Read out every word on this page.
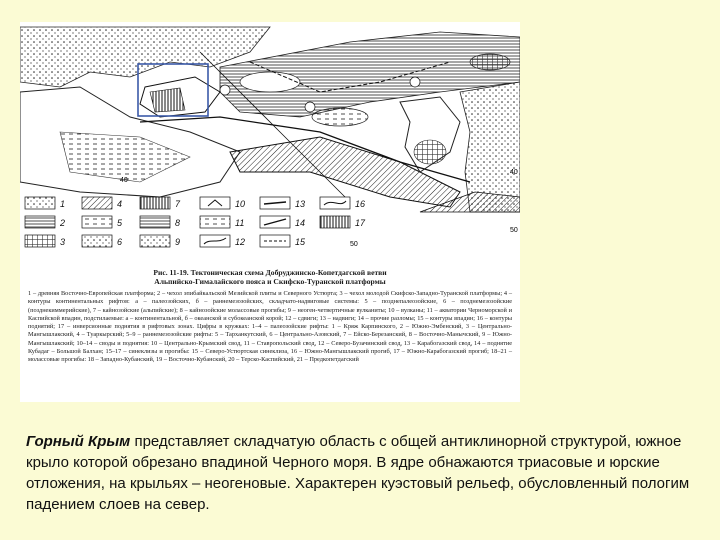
40
40
50
50
1
2
3
4
5
6
7
8
9
10
11
12
13
14
15
16
17

Рис. 11-19. Тектоническая схема Добруджинско-Копетдагской ветви
Альпийско-Гималайского пояса и Скифско-Туранской платформы

1 – древняя Восточно-Европейская платформа; 2 – чехол эпибайкальской Мезийской плиты и Северного Устюрта; 3 – чехол молодой Скифско-Западно-Туранской платформы; 4 – контуры континентальных рифтов: а – палеозойских, б – раннемезозойских, складчато-надвиговые системы: 5 – позднепалеозойские, 6 – позднемезозойские (позднекиммерийские), 7 – кайнозойские (альпийские); 8 – кайнозойские молассовые прогибы; 9 – неоген-четвертичные вулканиты; 10 – вулканы; 11 – акватории Черноморской и Каспийской впадин, подстилаемые: а – континентальной, б – океанской и субокеанской корой; 12 – сдвиги; 13 – надвиги; 14 – прочие разломы; 15 – контуры впадин; 16 – контуры поднятий; 17 – инверсионные поднятия в рифтовых зонах. Цифры в кружках: 1–4 – палеозойские рифты: 1 – Кряж Карпинского, 2 – Южно-Эмбенский, 3 – Центрально-Мангышлакский, 4 – Туаркырский; 5–9 – раннемезозойские рифты: 5 – Тарханкутский, 6 – Центрально-Азовский, 7 – Ейско-Березанский, 8 – Восточно-Манычский, 9 – Южно-Мангышлакский; 10–14 – своды и поднятия: 10 – Центрально-Крымский свод, 11 – Ставропольский свод, 12 – Северо-Бузачинский свод, 13 – Карабогазский свод, 14 – поднятие Кубадаг – Большой Балхан; 15–17 – синеклизы и прогибы: 15 – Северо-Устюртская синеклиза, 16 – Южно-Мангышлакский прогиб, 17 – Южно-Карабогазский прогиб; 18–21 – молассовые прогибы: 18 – Западно-Кубанский, 19 – Восточно-Кубанский, 20 – Терско-Каспийский, 21 – Предкопетдагский

Горный Крым представляет складчатую область с общей антиклинорной структурой, южное крыло которой обрезано впадиной Черного моря. В ядре обнажаются триасовые и юрские отложения, на крыльях – неогеновые. Характерен куэстовый рельеф, обусловленный пологим падением слоев на север.
